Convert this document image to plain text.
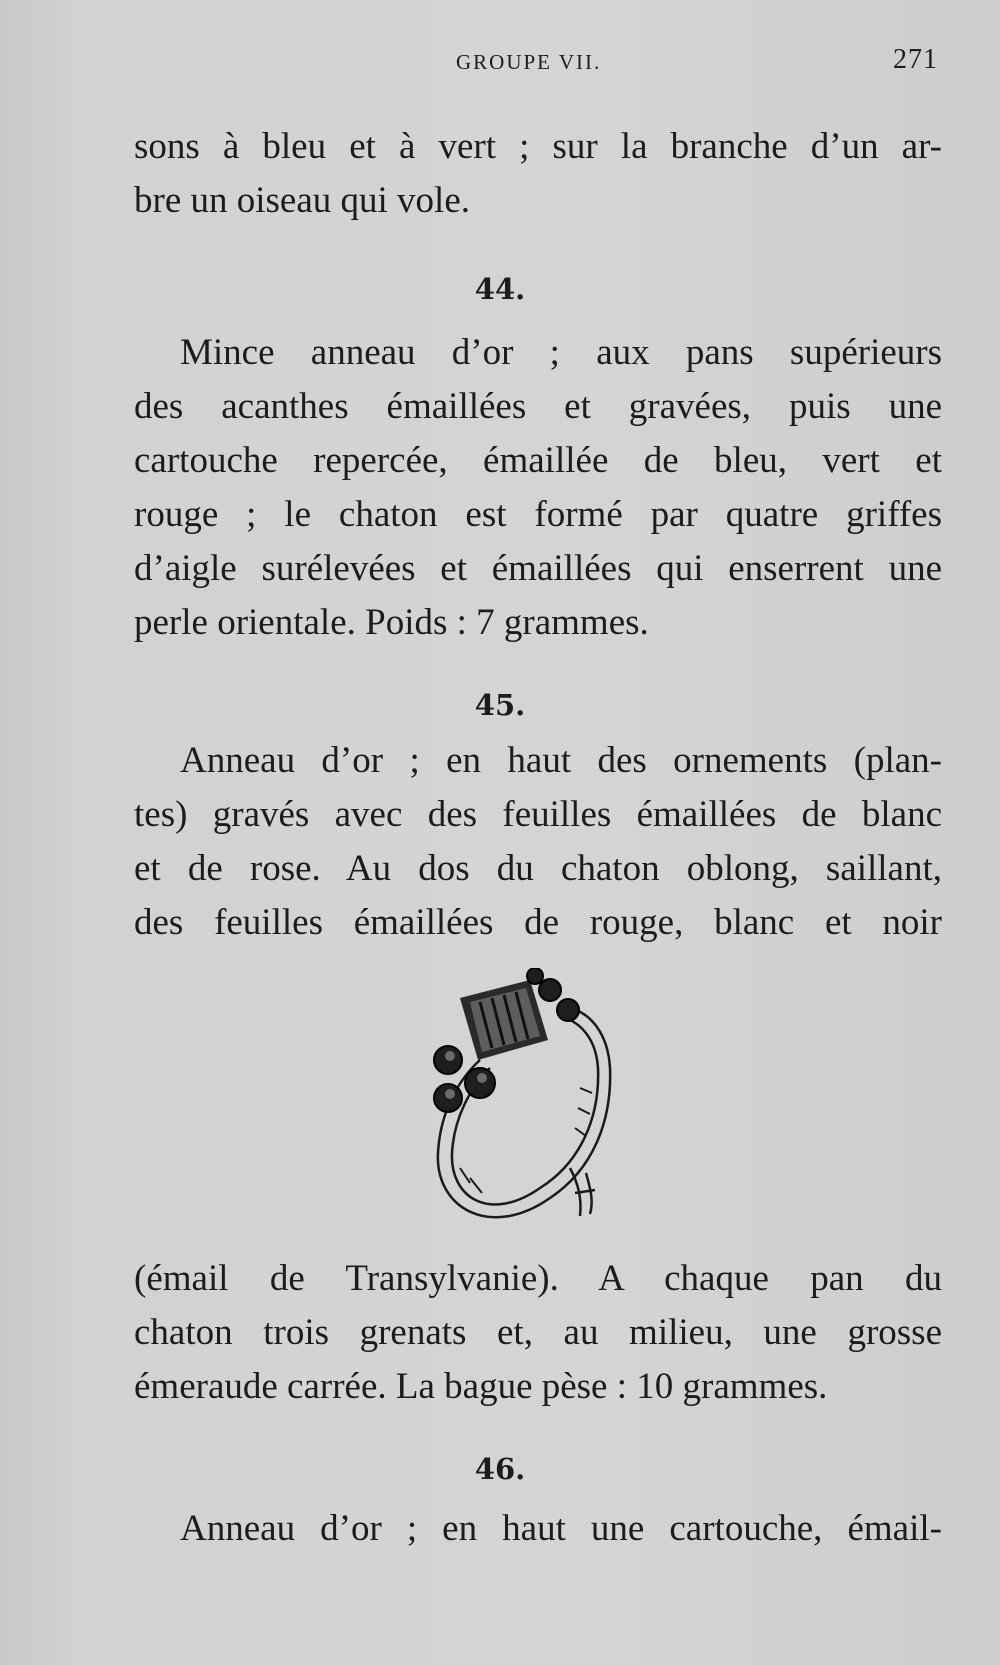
GROUPE VII.	271
sons à bleu et à vert ; sur la branche d’un ar-
bre un oiseau qui vole.
44.
Mince anneau d’or ; aux pans supérieurs
des acanthes émaillées et gravées, puis une
cartouche repercée, émaillée de bleu, vert et
rouge ; le chaton est formé par quatre griffes
d’aigle surélevées et émaillées qui enserrent une
perle orientale. Poids : 7 grammes.
45.
Anneau d’or ; en haut des ornements (plan-
tes) gravés avec des feuilles émaillées de blanc
et de rose. Au dos du chaton oblong, saillant,
des feuilles émaillées de rouge, blanc et noir
(émail de Transylvanie). A chaque pan du
chaton trois grenats et, au milieu, une grosse
émeraude carrée. La bague pèse : 10 grammes.
46.
Anneau d’or ; en haut une cartouche, émail-
